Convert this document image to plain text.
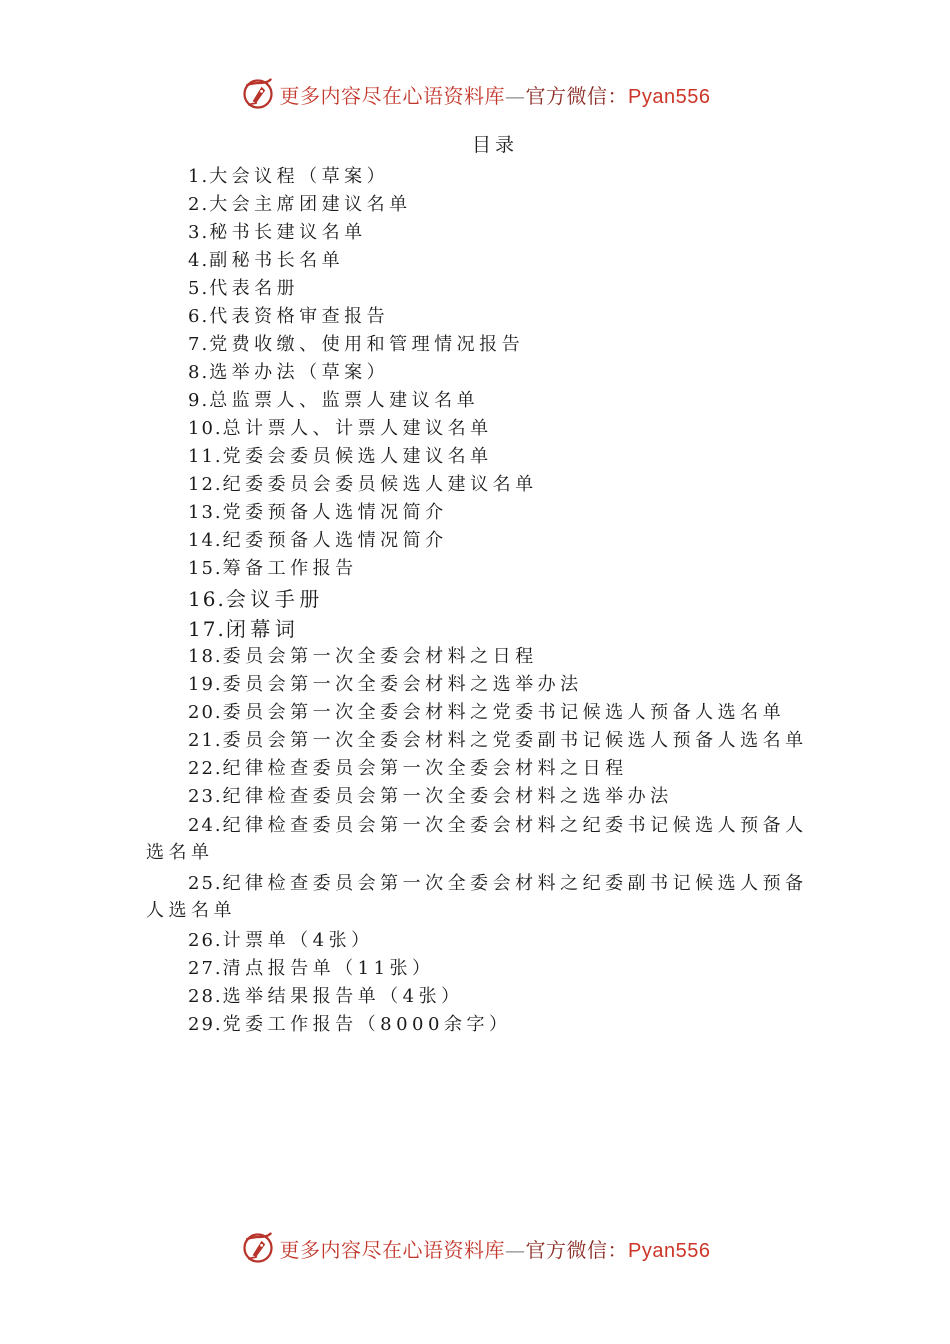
更多内容尽在心语资料库—官方微信：Pyan556
目录
1.大会议程（草案）
2.大会主席团建议名单
3.秘书长建议名单
4.副秘书长名单
5.代表名册
6.代表资格审查报告
7.党费收缴、使用和管理情况报告
8.选举办法（草案）
9.总监票人、监票人建议名单
10.总计票人、计票人建议名单
11.党委会委员候选人建议名单
12.纪委委员会委员候选人建议名单
13.党委预备人选情况简介
14.纪委预备人选情况简介
15.筹备工作报告
16.会议手册
17.闭幕词
18.委员会第一次全委会材料之日程
19.委员会第一次全委会材料之选举办法
20.委员会第一次全委会材料之党委书记候选人预备人选名单
21.委员会第一次全委会材料之党委副书记候选人预备人选名单
22.纪律检查委员会第一次全委会材料之日程
23.纪律检查委员会第一次全委会材料之选举办法
24.纪律检查委员会第一次全委会材料之纪委书记候选人预备人选名单
25.纪律检查委员会第一次全委会材料之纪委副书记候选人预备人选名单
26.计票单（4张）
27.清点报告单（11张）
28.选举结果报告单（4张）
29.党委工作报告（8000余字）
更多内容尽在心语资料库—官方微信：Pyan556
